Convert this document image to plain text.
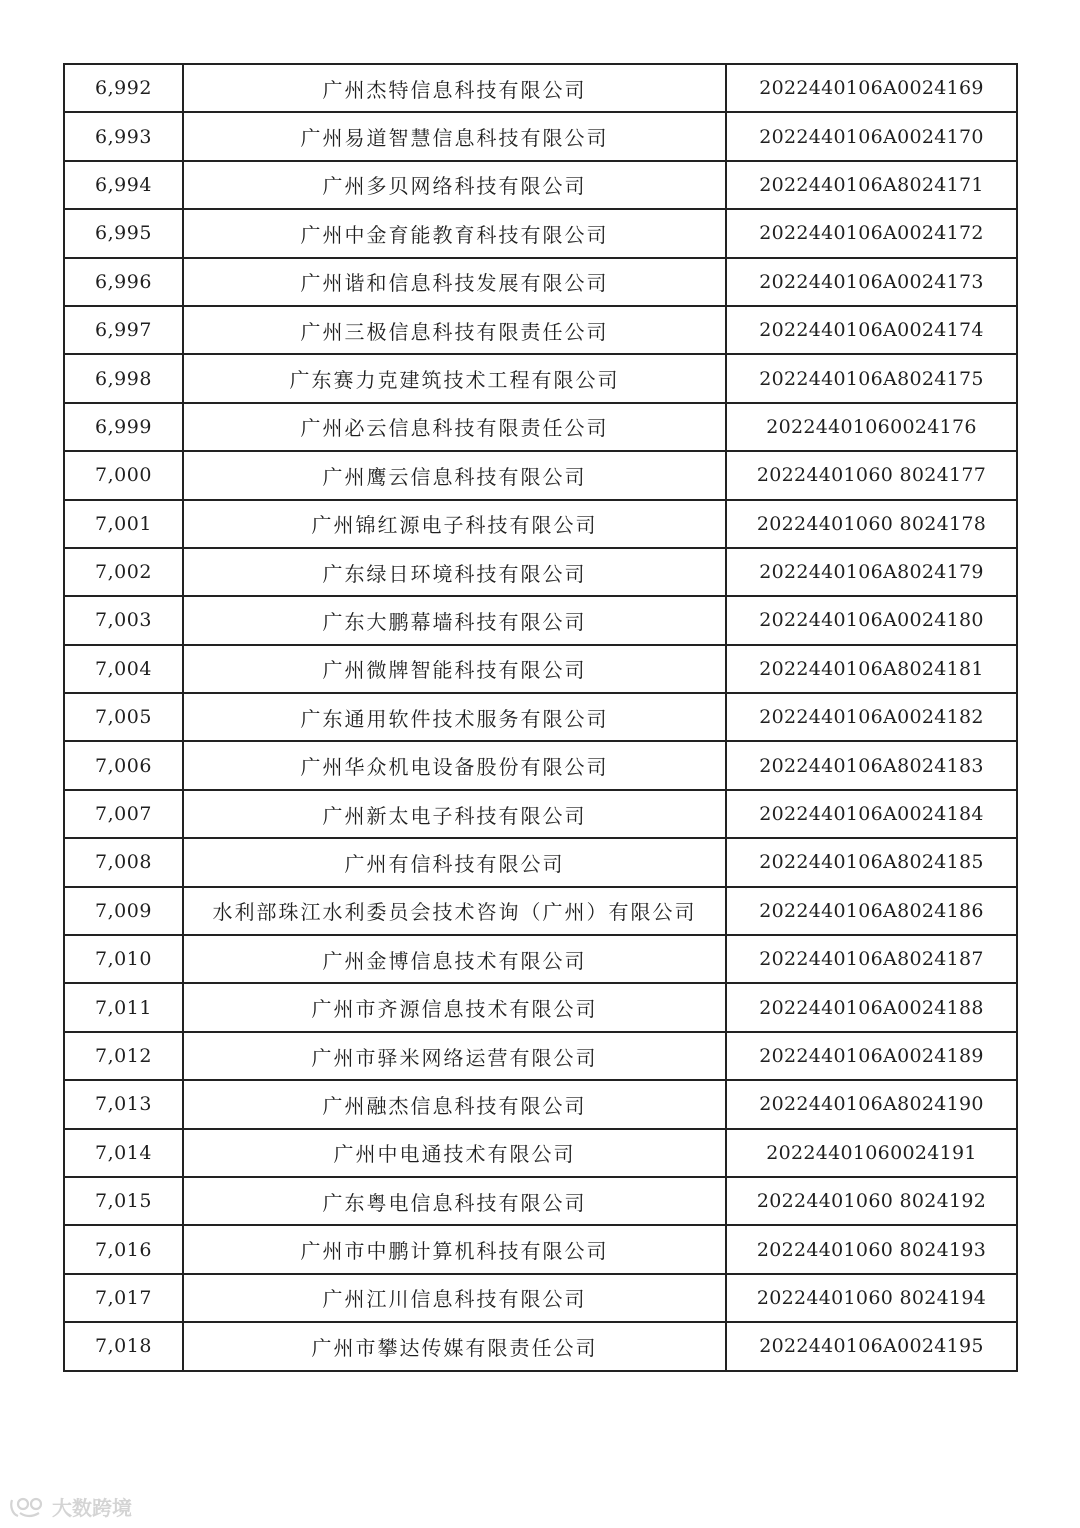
6,992	广州杰特信息科技有限公司	2022440106A0024169
6,993	广州易道智慧信息科技有限公司	2022440106A0024170
6,994	广州多贝网络科技有限公司	2022440106A8024171
6,995	广州中金育能教育科技有限公司	2022440106A0024172
6,996	广州谐和信息科技发展有限公司	2022440106A0024173
6,997	广州三极信息科技有限责任公司	2022440106A0024174
6,998	广东赛力克建筑技术工程有限公司	2022440106A8024175
6,999	广州必云信息科技有限责任公司	20224401060024176
7,000	广州鹰云信息科技有限公司	20224401060 8024177
7,001	广州锦红源电子科技有限公司	20224401060 8024178
7,002	广东绿日环境科技有限公司	2022440106A8024179
7,003	广东大鹏幕墙科技有限公司	2022440106A0024180
7,004	广州微牌智能科技有限公司	2022440106A8024181
7,005	广东通用软件技术服务有限公司	2022440106A0024182
7,006	广州华众机电设备股份有限公司	2022440106A8024183
7,007	广州新太电子科技有限公司	2022440106A0024184
7,008	广州有信科技有限公司	2022440106A8024185
7,009	水利部珠江水利委员会技术咨询（广州）有限公司	2022440106A8024186
7,010	广州金博信息技术有限公司	2022440106A8024187
7,011	广州市齐源信息技术有限公司	2022440106A0024188
7,012	广州市驿米网络运营有限公司	2022440106A0024189
7,013	广州融杰信息科技有限公司	2022440106A8024190
7,014	广州中电通技术有限公司	20224401060024191
7,015	广东粤电信息科技有限公司	20224401060 8024192
7,016	广州市中鹏计算机科技有限公司	20224401060 8024193
7,017	广州江川信息科技有限公司	20224401060 8024194
7,018	广州市攀达传媒有限责任公司	2022440106A0024195
大数跨境
